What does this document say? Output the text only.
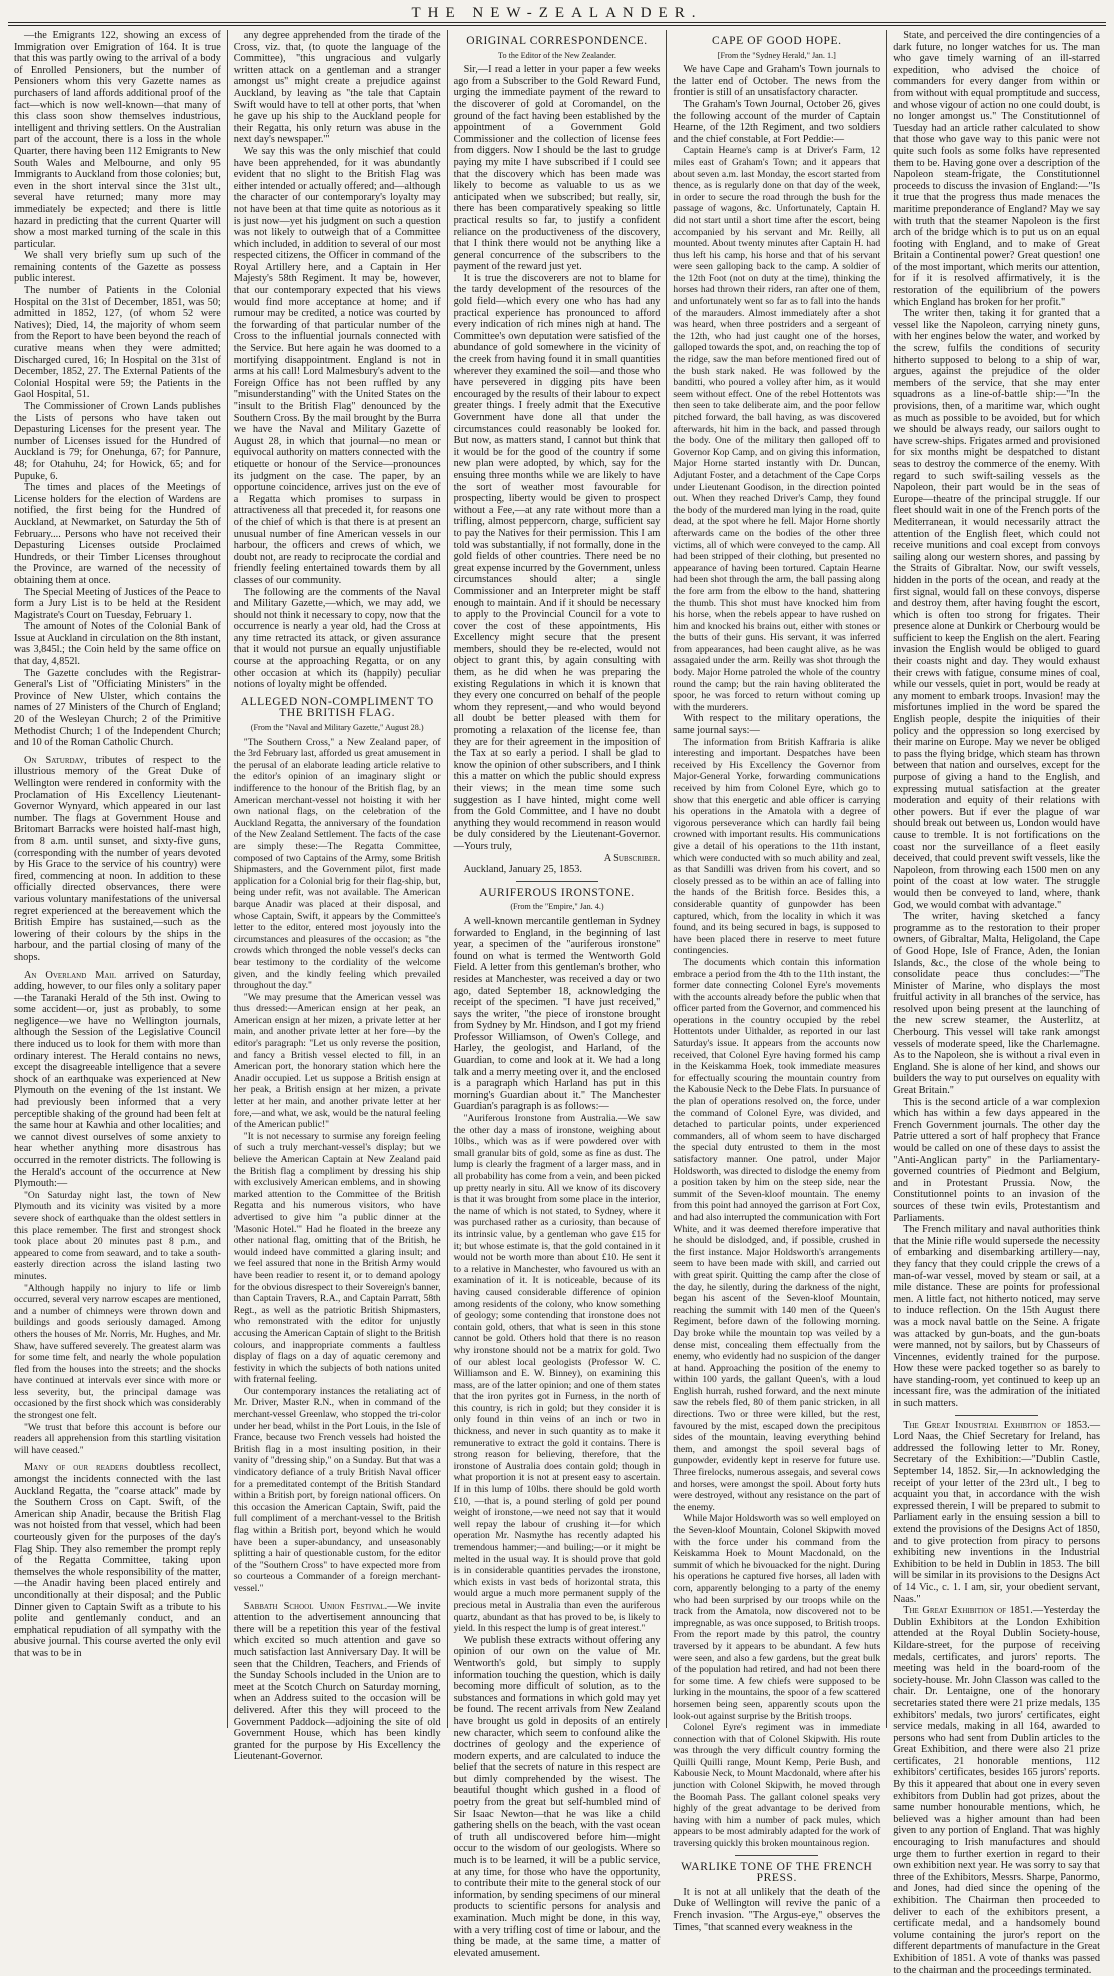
THE NEW-ZEALANDER.

—the Emigrants 122, showing an excess of Immigration over Emigration of 164. It is true that this was partly owing to the arrival of a body of Enrolled Pensioners, but the number of Pensioners whom this very Gazette names as purchasers of land affords additional proof of the fact—which is now well-known—that many of this class soon show themselves industrious, intelligent and thriving settlers. On the Australian part of the account, there is a loss in the whole Quarter, there having been 112 Emigrants to New South Wales and Melbourne, and only 95 Immigrants to Auckland from those colonies; but, even in the short interval since the 31st ult., several have returned; many more may immediately be expected; and there is little hazard in predicting that the current Quarter will show a most marked turning of the scale in this particular.

We shall very briefly sum up such of the remaining contents of the Gazette as possess public interest.

The number of Patients in the Colonial Hospital on the 31st of December, 1851, was 50; admitted in 1852, 127, (of whom 52 were Natives); Died, 14, the majority of whom seem from the Report to have been beyond the reach of curative means when they were admitted; Discharged cured, 16; In Hospital on the 31st of December, 1852, 27. The External Patients of the Colonial Hospital were 59; the Patients in the Gaol Hospital, 51.

The Commissioner of Crown Lands publishes the Lists of persons who have taken out Depasturing Licenses for the present year. The number of Licenses issued for the Hundred of Auckland is 79; for Onehunga, 67; for Pannure, 48; for Otahuhu, 24; for Howick, 65; and for Pupuke, 6.

The times and places of the Meetings of License holders for the election of Wardens are notified, the first being for the Hundred of Auckland, at Newmarket, on Saturday the 5th of February.... Persons who have not received their Depasturing Licenses outside Proclaimed Hundreds, or their Timber Licenses throughout the Province, are warned of the necessity of obtaining them at once.

The Special Meeting of Justices of the Peace to form a Jury List is to be held at the Resident Magistrate's Court on Tuesday, February 1.

The amount of Notes of the Colonial Bank of Issue at Auckland in circulation on the 8th instant, was 3,845l.; the Coin held by the same office on that day, 4,852l.

The Gazette concludes with the Registrar-General's List of "Officiating Ministers" in the Province of New Ulster, which contains the names of 27 Ministers of the Church of England; 20 of the Wesleyan Church; 2 of the Primitive Methodist Church; 1 of the Independent Church; and 10 of the Roman Catholic Church.

On Saturday, tributes of respect to the illustrious memory of the Great Duke of Wellington were rendered in conformity with the Proclamation of His Excellency Lieutenant-Governor Wynyard, which appeared in our last number. The flags at Government House and Britomart Barracks were hoisted half-mast high, from 8 a.m. until sunset, and sixty-five guns, (corresponding with the number of years devoted by His Grace to the service of his country) were fired, commencing at noon. In addition to these officially directed observances, there were various voluntary manifestations of the universal regret experienced at the bereavement which the British Empire has sustained,—such as the lowering of their colours by the ships in the harbour, and the partial closing of many of the shops.

An Overland Mail arrived on Saturday, adding, however, to our files only a solitary paper—the Taranaki Herald of the 5th inst. Owing to some accident—or, just as probably, to some negligence—we have no Wellington journals, although the Session of the Legislative Council there induced us to look for them with more than ordinary interest. The Herald contains no news, except the disagreeable intelligence that a severe shock of an earthquake was experienced at New Plymouth on the evening of the 1st instant. We had previously been informed that a very perceptible shaking of the ground had been felt at the same hour at Kawhia and other localities; and we cannot divest ourselves of some anxiety to hear whether anything more disastrous has occurred in the remoter districts. The following is the Herald's account of the occurrence at New Plymouth:—

"On Saturday night last, the town of New Plymouth and its vicinity was visited by a more severe shock of earthquake than the oldest settlers in this place remember. The first and strongest shock took place about 20 minutes past 8 p.m., and appeared to come from seaward, and to take a south-easterly direction across the island lasting two minutes.

"Although happily no injury to life or limb occurred, several very narrow escapes are mentioned, and a number of chimneys were thrown down and buildings and goods seriously damaged. Among others the houses of Mr. Norris, Mr. Hughes, and Mr. Shaw, have suffered severely. The greatest alarm was for some time felt, and nearly the whole population fled from the houses into the streets; and the shocks have continued at intervals ever since with more or less severity, but, the principal damage was occasioned by the first shock which was considerably the strongest one felt.

"We trust that before this account is before our readers all apprehension from this startling visitation will have ceased."

Many of our readers doubtless recollect, amongst the incidents connected with the last Auckland Regatta, the "coarse attack" made by the Southern Cross on Capt. Swift, of the American ship Anadir, because the British Flag was not hoisted from that vessel, which had been courteously given for the purposes of the day's Flag Ship. They also remember the prompt reply of the Regatta Committee, taking upon themselves the whole responsibility of the matter,—the Anadir having been placed entirely and unconditionally at their disposal; and the Public Dinner given to Captain Swift as a tribute to his polite and gentlemanly conduct, and an emphatical repudiation of all sympathy with the abusive journal. This course averted the only evil that was to be in

any degree apprehended from the tirade of the Cross, viz. that, (to quote the language of the Committee), "this ungracious and vulgarly written attack on a gentleman and a stranger amongst us" might create a prejudice against Auckland, by leaving as "the tale that Captain Swift would have to tell at other ports, that 'when he gave up his ship to the Auckland people for their Regatta, his only return was abuse in the next day's newspaper.'"

We say this was the only mischief that could have been apprehended, for it was abundantly evident that no slight to the British Flag was either intended or actually offered; and—although the character of our contemporary's loyalty may not have been at that time quite as notorious as it is just now—yet his judgment on such a question was not likely to outweigh that of a Committee which included, in addition to several of our most respected citizens, the Officer in command of the Royal Artillery here, and a Captain in Her Majesty's 58th Regiment. It may be, however, that our contemporary expected that his views would find more acceptance at home; and if rumour may be credited, a notice was courted by the forwarding of that particular number of the Cross to the influential journals connected with the Service. But here again he was doomed to a mortifying disappointment. England is not in arms at his call! Lord Malmesbury's advent to the Foreign Office has not been ruffled by any "misunderstanding" with the United States on the "insult to the British Flag" denounced by the Southern Cross. By the mail brought by the Burra we have the Naval and Military Gazette of August 28, in which that journal—no mean or equivocal authority on matters connected with the etiquette or honour of the Service—pronounces its judgment on the case. The paper, by an opportune coincidence, arrives just on the eve of a Regatta which promises to surpass in attractiveness all that preceded it, for reasons one of the chief of which is that there is at present an unusual number of fine American vessels in our harbour, the officers and crews of which, we doubt not, are ready to reciprocate the cordial and friendly feeling entertained towards them by all classes of our community.

The following are the comments of the Naval and Military Gazette,—which, we may add, we should not think it necessary to copy, now that the occurrence is nearly a year old, had the Cross at any time retracted its attack, or given assurance that it would not pursue an equally unjustifiable course at the approaching Regatta, or on any other occasion at which its (happily) peculiar notions of loyalty might be offended.

ALLEGED NON-COMPLIMENT TO THE BRITISH FLAG.
(From the "Naval and Military Gazette," August 28.)

"The Southern Cross," a New Zealand paper, of the 3rd February last, afforded us great amusement in the perusal of an elaborate leading article relative to the editor's opinion of an imaginary slight or indifference to the honour of the British flag, by an American merchant-vessel not hoisting it with her own national flags, on the celebration of the Auckland Regatta, the anniversary of the foundation of the New Zealand Settlement. The facts of the case are simply these:—The Regatta Committee, composed of two Captains of the Army, some British Shipmasters, and the Government pilot, first made application for a Colonial brig for their flag-ship, but, being under refit, was not available. The American barque Anadir was placed at their disposal, and whose Captain, Swift, it appears by the Committee's letter to the editor, entered most joyously into the circumstances and pleasures of the occasion; as "the crowds which thronged the noble vessel's decks can bear testimony to the cordiality of the welcome given, and the kindly feeling which prevailed throughout the day."

"We may presume that the American vessel was thus dressed:—American ensign at her peak, an American ensign at her mizen, a private letter at her main, and another private letter at her fore—by the editor's paragraph: "Let us only reverse the position, and fancy a British vessel elected to fill, in an American port, the honorary station which here the Anadir occupied. Let us suppose a British ensign at her peak, a British ensign at her mizen, a private letter at her main, and another private letter at her fore,—and what, we ask, would be the natural feeling of the American public!"

"It is not necessary to surmise any foreign feeling of such a truly merchant-vessel's display; but we believe the American Captain at New Zealand paid the British flag a compliment by dressing his ship with exclusively American emblems, and in showing marked attention to the Committee of the British Regatta and his numerous visitors, who have advertised to give him "a public dinner at the 'Masonic Hotel.'" Had he floated in the breeze any other national flag, omitting that of the British, he would indeed have committed a glaring insult; and we feel assured that none in the British Army would have been readier to resent it, or to demand apology for the obvious disrespect to their Sovereign's banner, than Captain Travers, R.A., and Captain Parratt, 58th Regt., as well as the patriotic British Shipmasters, who remonstrated with the editor for unjustly accusing the American Captain of slight to the British colours, and inappropriate comments a faultless display of flags on a day of aquatic ceremony and festivity in which the subjects of both nations united with fraternal feeling.

Our contemporary instances the retaliating act of Mr. Driver, Master R.N., when in command of the merchant-vessel Greenlaw, who stopped the tri-color under her bead, whilst in the Port Louis, in the Isle of France, because two French vessels had hoisted the British flag in a most insulting position, in their vanity of "dressing ship," on a Sunday. But that was a vindicatory defiance of a truly British Naval officer for a premeditated contempt of the British Standard within a British port, by foreign national officers. On this occasion the American Captain, Swift, paid the full compliment of a merchant-vessel to the British flag within a British port, beyond which he would have been a super-abundancy, and unseasonably splitting a hair of questionable custom, for the editor of the "Southern Cross" to have expected more from so courteous a Commander of a foreign merchant-vessel."

Sabbath School Union Festival.—We invite attention to the advertisement announcing that there will be a repetition this year of the festival which excited so much attention and gave so much satisfaction last Anniversary Day. It will be seen that the Children, Teachers, and Friends of the Sunday Schools included in the Union are to meet at the Scotch Church on Saturday morning, when an Address suited to the occasion will be delivered. After this they will proceed to the Government Paddock—adjoining the site of old Government House, which has been kindly granted for the purpose by His Excellency the Lieutenant-Governor.

ORIGINAL CORRESPONDENCE.
To the Editor of the New Zealander.

Sir,—I read a letter in your paper a few weeks ago from a Subscriber to the Gold Reward Fund, urging the immediate payment of the reward to the discoverer of gold at Coromandel, on the ground of the fact having been established by the appointment of a Government Gold Commissioner and the collection of license fees from diggers. Now I should be the last to grudge paying my mite I have subscribed if I could see that the discovery which has been made was likely to become as valuable to us as we anticipated when we subscribed; but really, sir, there has been comparatively speaking so little practical results so far, to justify a confident reliance on the productiveness of the discovery, that I think there would not be anything like a general concurrence of the subscribers to the payment of the reward just yet.

It is true the discoverers are not to blame for the tardy development of the resources of the gold field—which every one who has had any practical experience has pronounced to afford every indication of rich mines nigh at hand. The Committee's own deputation were satisfied of the abundance of gold somewhere in the vicinity of the creek from having found it in small quantities wherever they examined the soil—and those who have persevered in digging pits have been encouraged by the results of their labour to expect greater things. I freely admit that the Executive Government have done all that under the circumstances could reasonably be looked for. But now, as matters stand, I cannot but think that it would be for the good of the country if some new plan were adopted, by which, say for the ensuing three months while we are likely to have the sort of weather most favourable for prospecting, liberty would be given to prospect without a Fee,—at any rate without more than a trifling, almost peppercorn, charge, sufficient say to pay the Natives for their permission. This I am told was substantially, if not formally, done in the gold fields of other countries. There need be no great expense incurred by the Government, unless circumstances should alter; a single Commissioner and an Interpreter might be staff enough to maintain. And if it should be necessary to apply to the Provincial Council for a vote to cover the cost of these appointments, His Excellency might secure that the present members, should they be re-elected, would not object to grant this, by again consulting with them, as he did when he was preparing the existing Regulations in which it is known that they every one concurred on behalf of the people whom they represent,—and who would beyond all doubt be better pleased with them for promoting a relaxation of the license fee, than they are for their agreement in the imposition of the Tax at so early a period. I shall be glad to know the opinion of other subscribers, and I think this a matter on which the public should express their views; in the mean time some such suggestion as I have hinted, might come well from the Gold Committee, and I have no doubt anything they would recommend in reason would be duly considered by the Lieutenant-Governor.—Yours truly,

A Subscriber.

Auckland, January 25, 1853.

AURIFEROUS IRONSTONE.
(From the "Empire," Jan. 4.)

A well-known mercantile gentleman in Sydney forwarded to England, in the beginning of last year, a specimen of the "auriferous ironstone" found on what is termed the Wentworth Gold Field. A letter from this gentleman's brother, who resides at Manchester, was received a day or two ago, dated September 18, acknowledging the receipt of the specimen. "I have just received," says the writer, "the piece of ironstone brought from Sydney by Mr. Hindson, and I got my friend Professor Williamson, of Owen's College, and Harley, the geologist, and Harland, of the Guardian, to come and look at it. We had a long talk and a merry meeting over it, and the enclosed is a paragraph which Harland has put in this morning's Guardian about it." The Manchester Guardian's paragraph is as follows:—

"Auriferous Ironstone from Australia.—We saw the other day a mass of ironstone, weighing about 10lbs., which was as if were powdered over with small granular bits of gold, some as fine as dust. The lump is clearly the fragment of a larger mass, and in all probability has come from a vein, and been picked up pretty nearly in situ. All we know of its discovery is that it was brought from some place in the interior, the name of which is not stated, to Sydney, where it was purchased rather as a curiosity, than because of its intrinsic value, by a gentleman who gave £15 for it; but whose estimate is, that the gold contained in it would not be worth more than about £10. He sent it to a relative in Manchester, who favoured us with an examination of it. It is noticeable, because of its having caused considerable difference of opinion among residents of the colony, who know something of geology; some contending that ironstone does not contain gold, others, that what is seen in this stone cannot be gold. Others hold that there is no reason why ironstone should not be a matrix for gold. Two of our ablest local geologists (Professor W. C. Williamson and E. W. Binney), on examining this mass, are of the latter opinion; and one of them states that the iron pyrites got in Furness, in the north of this country, is rich in gold; but they consider it is only found in thin veins of an inch or two in thickness, and never in such quantity as to make it remunerative to extract the gold it contains. There is strong reason for believing, therefore, that the ironstone of Australia does contain gold; though in what proportion it is not at present easy to ascertain. If in this lump of 10lbs. there should be gold worth £10, —that is, a pound sterling of gold per pound weight of ironstone,—we need not say that it would well repay the labour of crushing it—for which operation Mr. Nasmythe has recently adapted his tremendous hammer;—and builing;—or it might be melted in the usual way. It is should prove that gold is in considerable quantities pervades the ironstone, which exists in vast beds of horizontal strata, this would argue a much more permanent supply of the precious metal in Australia than even the auriferous quartz, abundant as that has proved to be, is likely to yield. In this respect the lump is of great interest."

We publish these extracts without offering any opinion of our own on the value of Mr. Wentworth's gold, but simply to supply information touching the question, which is daily becoming more difficult of solution, as to the substances and formations in which gold may yet be found. The recent arrivals from New Zealand have brought us gold in deposits of an entirely new character, which seem to confound alike the doctrines of geology and the experience of modern experts, and are calculated to induce the belief that the secrets of nature in this respect are but dimly comprehended by the wisest. The beautiful thought which gushed in a flood of poetry from the great but self-humbled mind of Sir Isaac Newton—that he was like a child gathering shells on the beach, with the vast ocean of truth all undiscovered before him—might occur to the wisdom of our geologists. Where so much is to be learned, it will be a public service, at any time, for those who have the opportunity, to contribute their mite to the general stock of our information, by sending specimens of our mineral products to scientific persons for analysis and examination. Much might be done, in this way, with a very trifling cost of time or labour, and the thing be made, at the same time, a matter of elevated amusement.

CAPE OF GOOD HOPE.
[From the "Sydney Herald," Jan. 1.]

We have Cape and Graham's Town journals to the latter end of October. The news from the frontier is still of an unsatisfactory character.

The Graham's Town Journal, October 26, gives the following account of the murder of Captain Hearne, of the 12th Regiment, and two soldiers and the chief constable, at Fort Peddie:—

Captain Hearne's camp is at Driver's Farm, 12 miles east of Graham's Town; and it appears that about seven a.m. last Monday, the escort started from thence, as is regularly done on that day of the week, in order to secure the road through the bush for the passage of wagons, &c. Unfortunately, Captain H. did not start until a short time after the escort, being accompanied by his servant and Mr. Reilly, all mounted. About twenty minutes after Captain H. had thus left his camp, his horse and that of his servant were seen galloping back to the camp. A soldier of the 12th Foot (not on duty at the time), thinking the horses had thrown their riders, ran after one of them, and unfortunately went so far as to fall into the hands of the marauders. Almost immediately after a shot was heard, when three postriders and a sergeant of the 12th, who had just caught one of the horses, galloped towards the spot, and, on reaching the top of the ridge, saw the man before mentioned fired out of the bush stark naked. He was followed by the banditti, who poured a volley after him, as it would seem without effect. One of the rebel Hottentots was then seen to take deliberate aim, and the poor fellow pitched forward, the ball having, as was discovered afterwards, hit him in the back, and passed through the body. One of the military then galloped off to Governor Kop Camp, and on giving this information, Major Horne started instantly with Dr. Duncan, Adjutant Foster, and a detachment of the Cape Corps under Lieutenant Goodison, in the direction pointed out. When they reached Driver's Camp, they found the body of the murdered man lying in the road, quite dead, at the spot where he fell. Major Horne shortly afterwards came on the bodies of the other three victims, all of which were conveyed to the camp. All had been stripped of their clothing, but presented no appearance of having been tortured. Captain Hearne had been shot through the arm, the ball passing along the fore arm from the elbow to the hand, shattering the thumb. This shot must have knocked him from his horse, when the rebels appear to have rushed on him and knocked his brains out, either with stones or the butts of their guns. His servant, it was inferred from appearances, had been caught alive, as he was assagaied under the arm. Reilly was shot through the body. Major Horne patroled the whole of the country round the camp; but the rain having obliterated the spoor, he was forced to return without coming up with the murderers.

With respect to the military operations, the same journal says:—

The information from British Kaffraria is alike interesting and important. Despatches have been received by His Excellency the Governor from Major-General Yorke, forwarding communications received by him from Colonel Eyre, which go to show that this energetic and able officer is carrying his operations in the Amatola with a degree of vigorous perseverance which can hardly fail being crowned with important results. His communications give a detail of his operations to the 11th instant, which were conducted with so much ability and zeal, as that Sandilli was driven from his covert, and so closely pressed as to be within an ace of falling into the hands of the British force. Besides this, a considerable quantity of gunpowder has been captured, which, from the locality in which it was found, and its being secured in bags, is supposed to have been placed there in reserve to meet future contingencies.

The documents which contain this information embrace a period from the 4th to the 11th instant, the former date connecting Colonel Eyre's movements with the accounts already before the public when that officer parted from the Governor, and commenced his operations in the country occupied by the rebel Hottentots under Uithalder, as reported in our last Saturday's issue. It appears from the accounts now received, that Colonel Eyre having formed his camp in the Keiskamma Hoek, took immediate measures for effectually scouring the mountain country from the Kabousie Neck to the Debe Flats. In pursuance of the plan of operations resolved on, the force, under the command of Colonel Eyre, was divided, and detached to particular points, under experienced commanders, all of whom seem to have discharged the special duty entrusted to them in the most satisfactory manner. One patrol, under Major Holdsworth, was directed to dislodge the enemy from a position taken by him on the steep side, near the summit of the Seven-kloof mountain. The enemy from this point had annoyed the garrison at Fort Cox, and had also interrupted the communication with Fort White, and it was deemed therefore imperative that he should be dislodged, and, if possible, crushed in the first instance. Major Holdsworth's arrangements seem to have been made with skill, and carried out with great spirit. Quitting the camp after the close of the day, he silently, during the darkness of the night, began his ascent of the Seven-kloof Mountain, reaching the summit with 140 men of the Queen's Regiment, before dawn of the following morning. Day broke while the mountain top was veiled by a dense mist, concealing them effectually from the enemy, who evidently had no suspicion of the danger at hand. Approaching the position of the enemy to within 100 yards, the gallant Queen's, with a loud English hurrah, rushed forward, and the next minute saw the rebels fled, 80 of them panic stricken, in all directions. Two or three were killed, but the rest, favoured by the mist, escaped down the precipitous sides of the mountain, leaving everything behind them, and amongst the spoil several bags of gunpowder, evidently kept in reserve for future use. Three firelocks, numerous assegais, and several cows and horses, were amongst the spoil. About forty huts were destroyed, without any resistance on the part of the enemy.

While Major Holdsworth was so well employed on the Seven-kloof Mountain, Colonel Skipwith moved with the force under his command from the Keiskamma Hoek to Mount Macdonald, on the summit of which he bivouacked for the night. During his operations he captured five horses, all laden with corn, apparently belonging to a party of the enemy who had been surprised by our troops while on the track from the Amatola, now discovered not to be impregnable, as was once supposed, to British troops. From the report made by this patrol, the country traversed by it appears to be abundant. A few huts were seen, and also a few gardens, but the great bulk of the population had retired, and had not been there for some time. A few chiefs were supposed to be lurking in the mountains, the spoor of a few scattered horsemen being seen, apparently scouts upon the look-out against surprise by the British troops.

Colonel Eyre's regiment was in immediate connection with that of Colonel Skipwith. His route was through the very difficult country forming the Quilli Quilli range, Mount Kemp, Perie Bush, and Kabousie Neck, to Mount Macdonald, where after his junction with Colonel Skipwith, he moved through the Boomah Pass. The gallant colonel speaks very highly of the great advantage to be derived from having with him a number of pack mules, which appears to be most admirably adapted for the work of traversing quickly this broken mountainous region.

WARLIKE TONE OF THE FRENCH PRESS.

It is not at all unlikely that the death of the Duke of Wellington will revive the panic of a French invasion. "The Argus-eye," observes the Times, "that scanned every weakness in the

State, and perceived the dire contingencies of a dark future, no longer watches for us. The man who gave timely warning of an ill-starred expedition, who advised the choice of commanders for every danger from within or from without with equal promptitude and success, and whose vigour of action no one could doubt, is no longer amongst us." The Constitutionnel of Tuesday had an article rather calculated to show that those who gave way to this panic were not quite such fools as some folks have represented them to be. Having gone over a description of the Napoleon steam-frigate, the Constitutionnel proceeds to discuss the invasion of England:—"Is it true that the progress thus made menaces the maritime preponderance of England? May we say with truth that the steamer Napoleon is the first arch of the bridge which is to put us on an equal footing with England, and to make of Great Britain a Continental power? Great question! one of the most important, which merits our attention, for if it is resolved affirmatively, it is the restoration of the equilibrium of the powers which England has broken for her profit."

The writer then, taking it for granted that a vessel like the Napoleon, carrying ninety guns, with her engines below the water, and worked by the screw, fulfils the conditions of security hitherto supposed to belong to a ship of war, argues, against the prejudice of the older members of the service, that she may enter squadrons as a line-of-battle ship:—"In the provisions, then, of a maritime war, which ought as much as possible to be avoided, but for which we should be always ready, our sailors ought to have screw-ships. Frigates armed and provisioned for six months might be despatched to distant seas to destroy the commerce of the enemy. With regard to such swift-sailing vessels as the Napoleon, their part would be in the seas of Europe—theatre of the principal struggle. If our fleet should wait in one of the French ports of the Mediterranean, it would necessarily attract the attention of the English fleet, which could not receive munitions and coal except from convoys sailing along our western shores, and passing by the Straits of Gibraltar. Now, our swift vessels, hidden in the ports of the ocean, and ready at the first signal, would fall on these convoys, disperse and destroy them, after having fought the escort, which is often too strong for frigates. Their presence alone at Dunkirk or Cherbourg would be sufficient to keep the English on the alert. Fearing invasion the English would be obliged to guard their coasts night and day. They would exhaust their crews with fatigue, consume mines of coal, while our vessels, quiet in port, would be ready at any moment to embark troops. Invasion! may the misfortunes implied in the word be spared the English people, despite the iniquities of their policy and the oppression so long exercised by their marine on Europe. May we never be obliged to pass the flying bridge, which steam has thrown between that nation and ourselves, except for the purpose of giving a hand to the English, and expressing mutual satisfaction at the greater moderation and equity of their relations with other powers. But if ever the plague of war should break out between us, London would have cause to tremble. It is not fortifications on the coast nor the surveillance of a fleet easily deceived, that could prevent swift vessels, like the Napoleon, from throwing each 1500 men on any point of the coast at low water. The struggle would then be conveyed to land, where, thank God, we would combat with advantage."

The writer, having sketched a fancy programme as to the restoration to their proper owners, of Gibraltar, Malta, Heligoland, the Cape of Good Hope, Isle of France, Aden, the Ionian Islands, &c., the close of the whole being to consolidate peace thus concludes:—"The Minister of Marine, who displays the most fruitful activity in all branches of the service, has resolved upon being present at the launching of the new screw steamer, the Austerlitz, at Cherbourg. This vessel will take rank amongst vessels of moderate speed, like the Charlemagne. As to the Napoleon, she is without a rival even in England. She is alone of her kind, and shows our builders the way to put ourselves on equality with Great Britain."

This is the second article of a war complexion which has within a few days appeared in the French Government journals. The other day the Patrie uttered a sort of half prophecy that France would be called on one of these days to assist the "Anti-Anglican party" in the Parliamentary-governed countries of Piedmont and Belgium, and in Protestant Prussia. Now, the Constitutionnel points to an invasion of the sources of these twin evils, Protestantism and Parliaments.

The French military and naval authorities think that the Minie rifle would supersede the necessity of embarking and disembarking artillery—nay, they fancy that they could cripple the crews of a man-of-war vessel, moved by steam or sail, at a mile distance. These are points for professional men. A little fact, not hitherto noticed, may serve to induce reflection. On the 15th August there was a mock naval battle on the Seine. A frigate was attacked by gun-boats, and the gun-boats were manned, not by sailors, but by Chasseurs of Vincennes, evidently trained for the purpose. How these were packed together so as barely to have standing-room, yet continued to keep up an incessant fire, was the admiration of the initiated in such matters.

The Great Industrial Exhibition of 1853.—Lord Naas, the Chief Secretary for Ireland, has addressed the following letter to Mr. Roney, Secretary of the Exhibition:—"Dublin Castle, September 14, 1852. Sir,—In acknowledging the receipt of your letter of the 23rd ult., I beg to acquaint you that, in accordance with the wish expressed therein, I will be prepared to submit to Parliament early in the ensuing session a bill to extend the provisions of the Designs Act of 1850, and to give protection from piracy to persons exhibiting new inventions in the Industrial Exhibition to be held in Dublin in 1853. The bill will be similar in its provisions to the Designs Act of 14 Vic., c. 1. I am, sir, your obedient servant, Naas."

The Great Exhibition of 1851.—Yesterday the Dublin Exhibitors at the London Exhibition attended at the Royal Dublin Society-house, Kildare-street, for the purpose of receiving medals, certificates, and jurors' reports. The meeting was held in the board-room of the society-house. Mr. John Classon was called to the chair. Dr. Lentaigne, one of the honorary secretaries stated there were 21 prize medals, 135 exhibitors' medals, two jurors' certificates, eight service medals, making in all 164, awarded to persons who had sent from Dublin articles to the Great Exhibition, and there were also 21 prize certificates, 21 honorable mentions, 112 exhibitors' certificates, besides 165 jurors' reports. By this it appeared that about one in every seven exhibitors from Dublin had got prizes, about the same number honourable mentions, which, he believed was a higher amount than had been given to any portion of England. That was highly encouraging to Irish manufactures and should urge them to further exertion in regard to their own exhibition next year. He was sorry to say that three of the Exhibitors, Messrs. Sharpe, Panormo, and Jones, had died since the opening of the exhibition. The Chairman then proceeded to deliver to each of the exhibitors present, a certificate medal, and a handsomely bound volume containing the juror's report on the different departments of manufacture in the Great Exhibition of 1851. A vote of thanks was passed to the chairman and the proceedings terminated.
